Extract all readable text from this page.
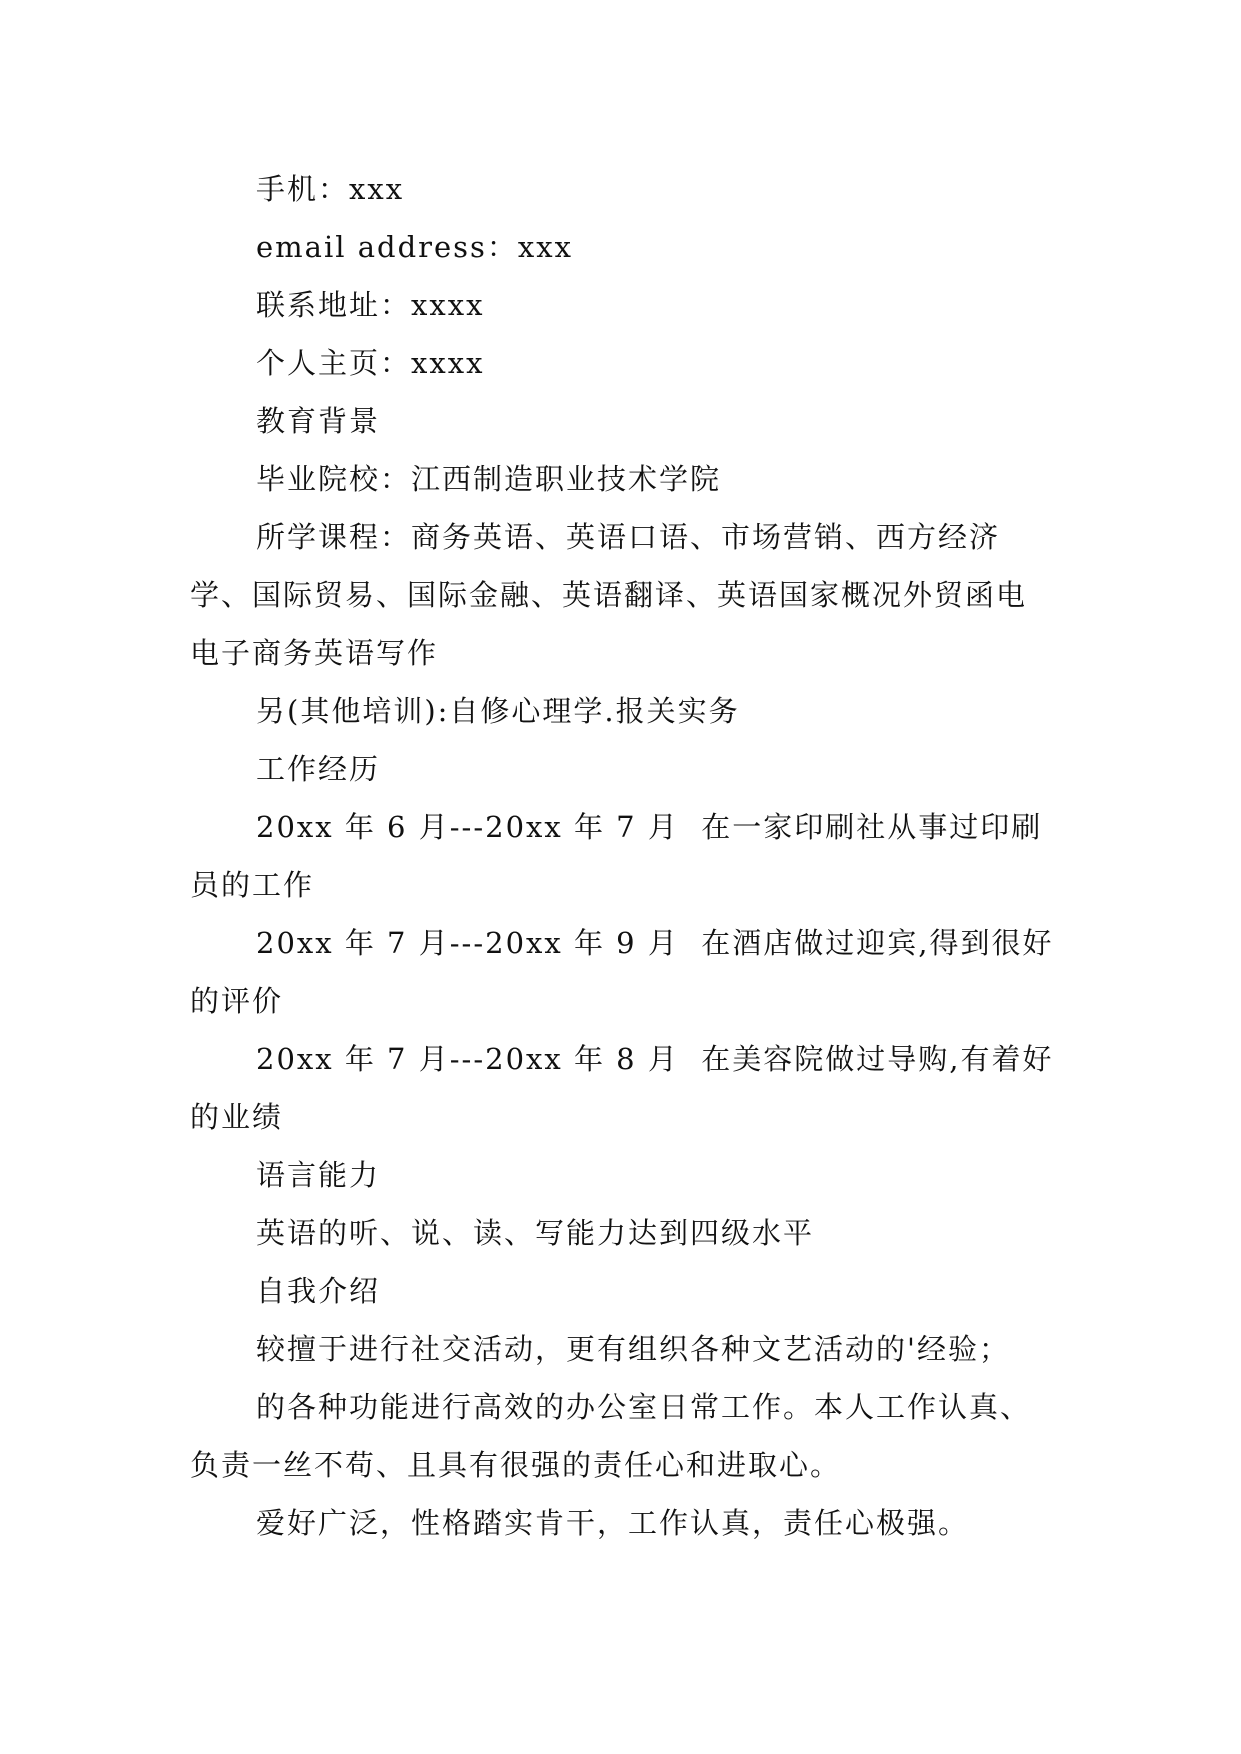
手机：xxx

email address：xxx

联系地址：xxxx

个人主页：xxxx

教育背景

毕业院校：江西制造职业技术学院

所学课程：商务英语、英语口语、市场营销、西方经济学、国际贸易、国际金融、英语翻译、英语国家概况外贸函电 电子商务英语写作

另(其他培训):自修心理学.报关实务

工作经历

20xx 年 6 月---20xx 年 7 月  在一家印刷社从事过印刷员的工作

20xx 年 7 月---20xx 年 9 月  在酒店做过迎宾,得到很好的评价

20xx 年 7 月---20xx 年 8 月  在美容院做过导购,有着好的业绩

语言能力

英语的听、说、读、写能力达到四级水平

自我介绍

较擅于进行社交活动，更有组织各种文艺活动的'经验；

的各种功能进行高效的办公室日常工作。本人工作认真、负责一丝不苟、且具有很强的责任心和进取心。

爱好广泛，性格踏实肯干，工作认真，责任心极强。
